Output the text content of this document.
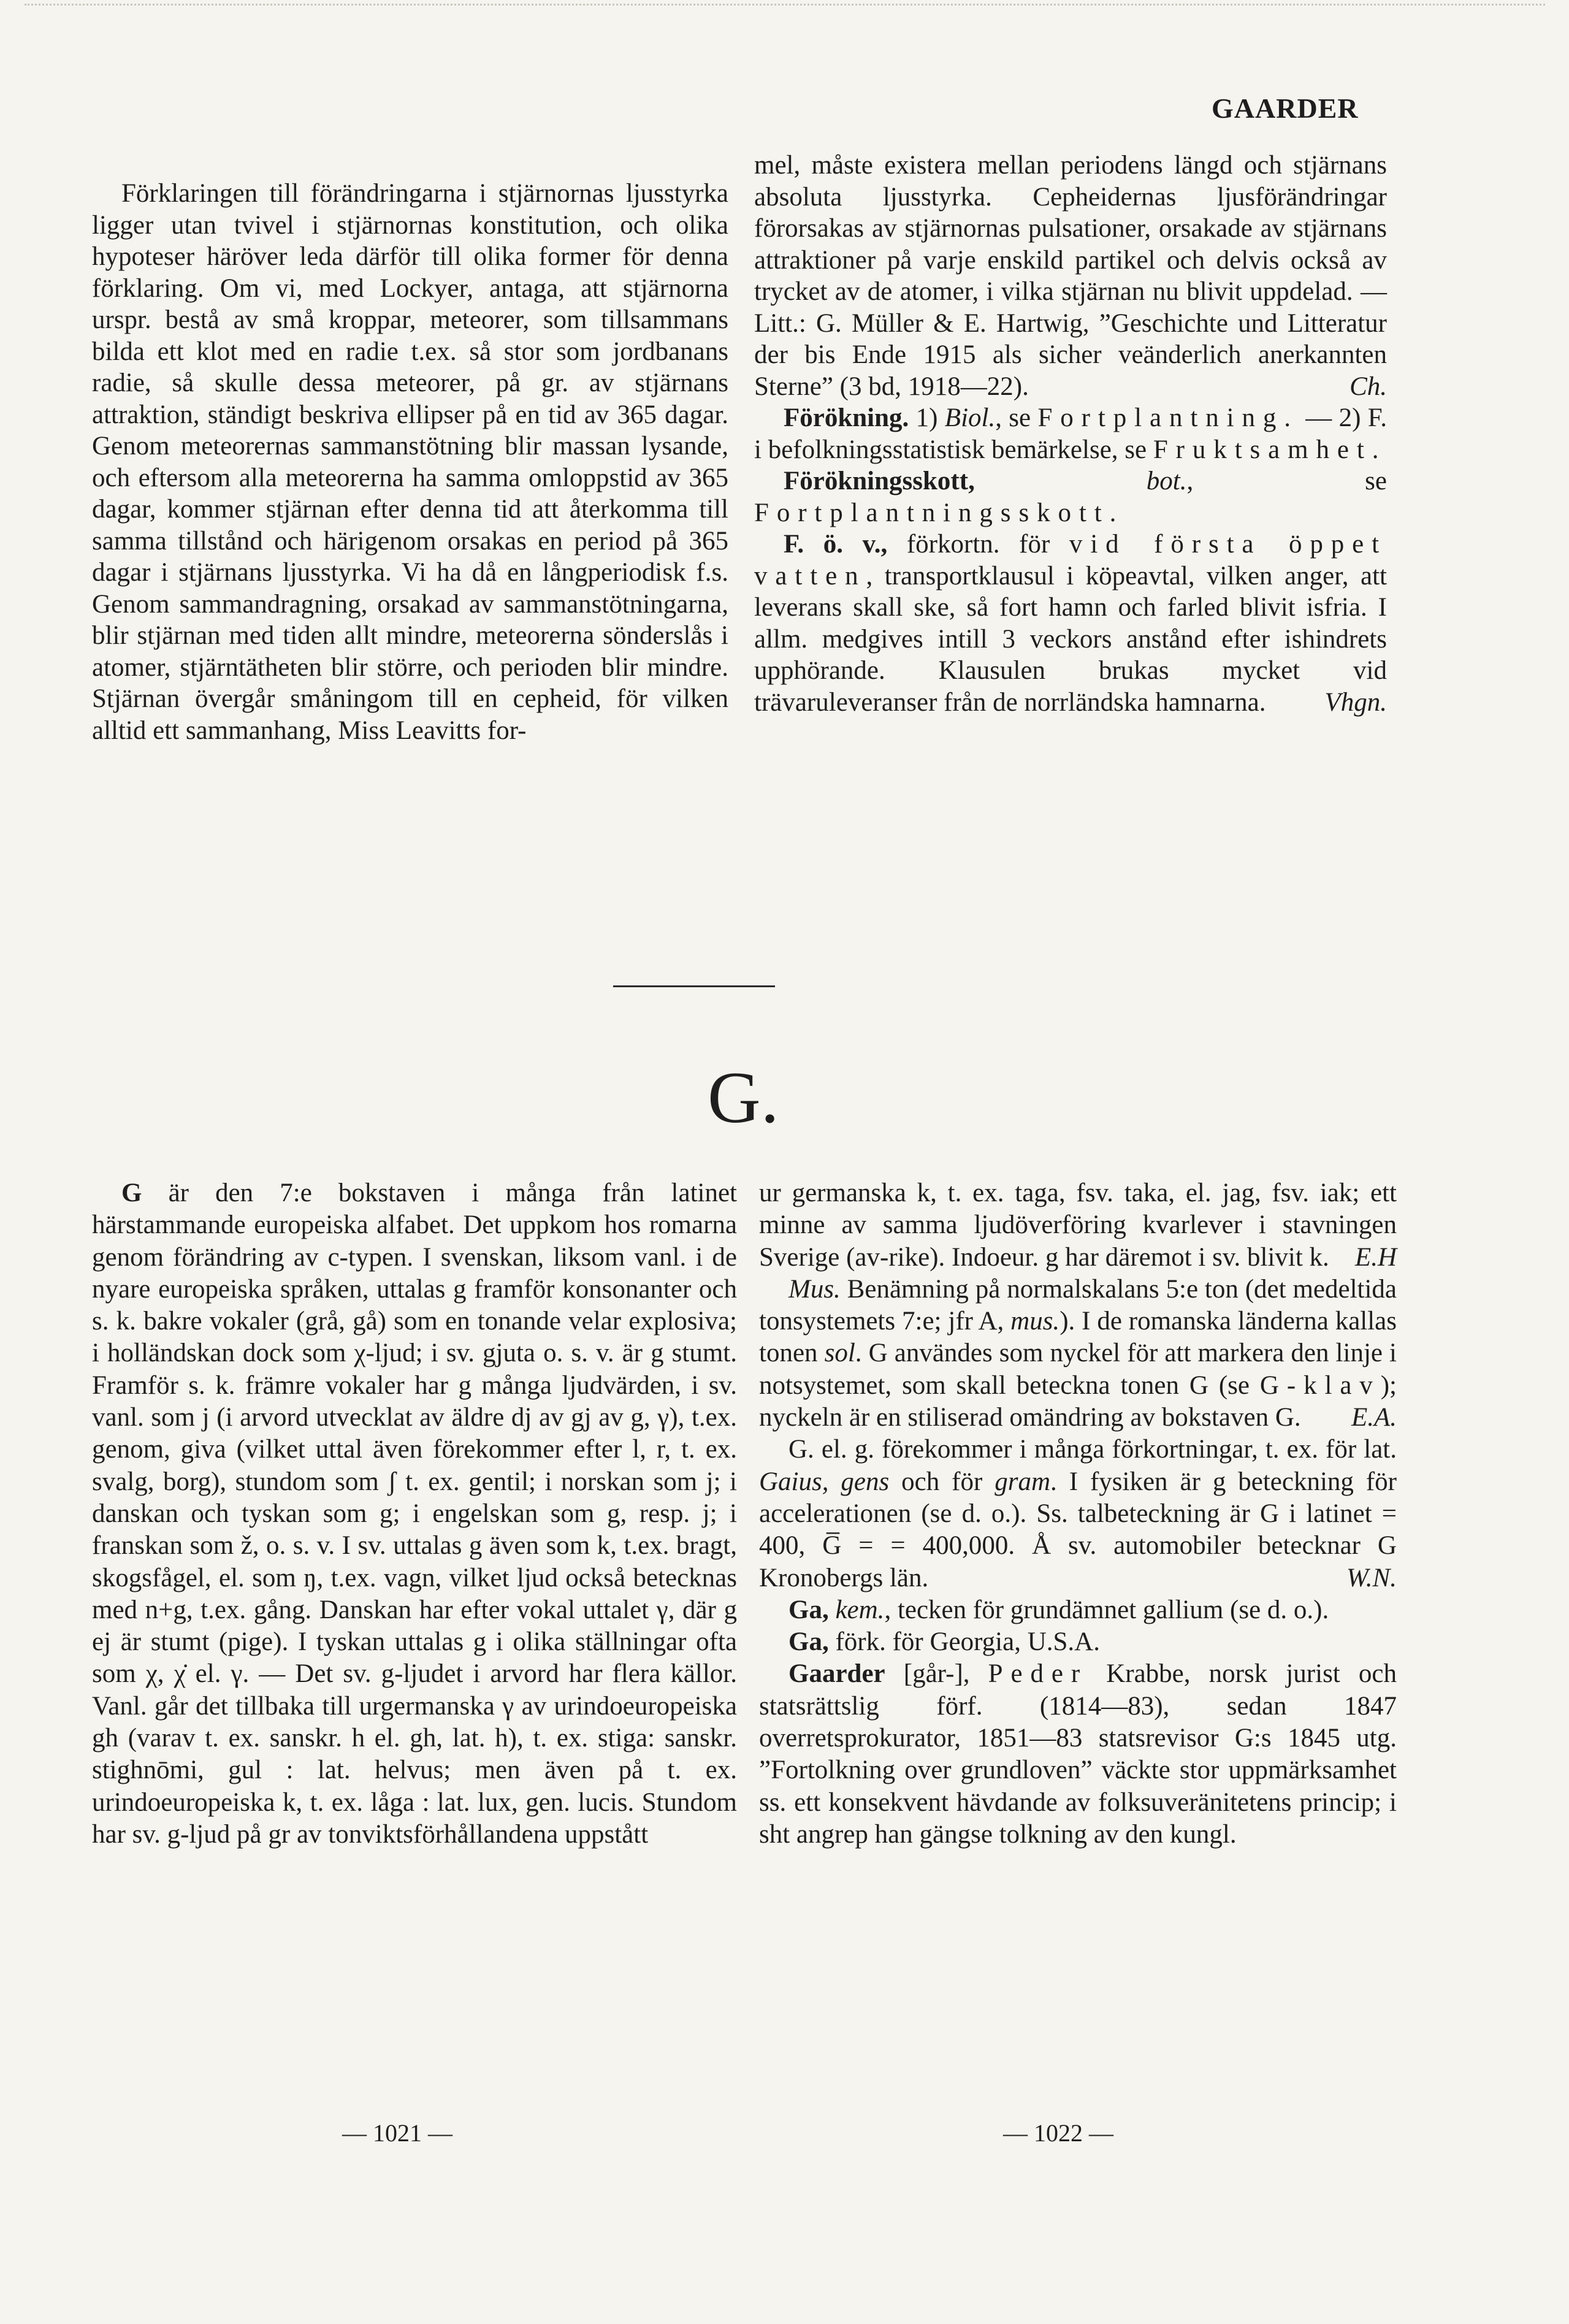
GAARDER

Förklaringen till förändringarna i stjärnornas ljusstyrka ligger utan tvivel i stjärnornas konstitution, och olika hypoteser häröver leda därför till olika former för denna förklaring. Om vi, med Lockyer, antaga, att stjärnorna urspr. bestå av små kroppar, meteorer, som tillsammans bilda ett klot med en radie t.ex. så stor som jordbanans radie, så skulle dessa meteorer, på gr. av stjärnans attraktion, ständigt beskriva ellipser på en tid av 365 dagar. Genom meteorernas sammanstötning blir massan lysande, och eftersom alla meteorerna ha samma omloppstid av 365 dagar, kommer stjärnan efter denna tid att återkomma till samma tillstånd och härigenom orsakas en period på 365 dagar i stjärnans ljusstyrka. Vi ha då en långperiodisk f.s. Genom sammandragning, orsakad av sammanstötningarna, blir stjärnan med tiden allt mindre, meteorerna sönderslås i atomer, stjärntätheten blir större, och perioden blir mindre. Stjärnan övergår småningom till en cepheid, för vilken alltid ett sammanhang, Miss Leavitts for-

mel, måste existera mellan periodens längd och stjärnans absoluta ljusstyrka. Cepheidernas ljusförändringar förorsakas av stjärnornas pulsationer, orsakade av stjärnans attraktioner på varje enskild partikel och delvis också av trycket av de atomer, i vilka stjärnan nu blivit uppdelad. — Litt.: G. Müller & E. Hartwig, ”Geschichte und Litteratur der bis Ende 1915 als sicher veänderlich anerkannten Sterne” (3 bd, 1918—22).	Ch.

Förökning. 1) Biol., se Fortplantning. — 2) F. i befolkningsstatistisk bemärkelse, se Fruktsamhet.

Förökningsskott,	bot., se Fortplantningsskott.

F. ö. v., förkortn. för vid första öppet vatten, transportklausul i köpeavtal, vilken anger, att leverans skall ske, så fort hamn och farled blivit isfria. I allm. medgives intill 3 veckors anstånd efter ishindrets upphörande. Klausulen brukas mycket vid trävaruleveranser från de norrländska hamnarna.	Vhgn.

G.

G är den 7:e bokstaven i många från latinet härstammande europeiska alfabet. Det uppkom hos romarna genom förändring av c-typen. I svenskan, liksom vanl. i de nyare europeiska språken, uttalas g framför konsonanter och s. k. bakre vokaler (grå, gå) som en tonande velar explosiva; i holländskan dock som χ-ljud; i sv. gjuta o. s. v. är g stumt. Framför s. k. främre vokaler har g många ljudvärden, i sv. vanl. som j (i arvord utvecklat av äldre dj av gj av g, γ), t.ex. genom, giva (vilket uttal även förekommer efter l, r, t. ex. svalg, borg), stundom som ʃ t. ex. gentil; i norskan som j; i danskan och tyskan som g; i engelskan som g, resp. j; i franskan som ž, o. s. v. I sv. uttalas g även som k, t.ex. bragt, skogsfågel, el. som ŋ, t.ex. vagn, vilket ljud också betecknas med n+g, t.ex. gång. Danskan har efter vokal uttalet γ, där g ej är stumt (pige). I tyskan uttalas g i olika ställningar ofta som χ, χ̇ el. γ. — Det sv. g-ljudet i arvord har flera källor. Vanl. går det tillbaka till urgermanska γ av urindoeuropeiska gh (varav t. ex. sanskr. h el. gh, lat. h), t. ex. stiga: sanskr. stighnōmi, gul : lat. helvus; men även på t. ex. urindoeuropeiska k, t. ex. låga : lat. lux, gen. lucis. Stundom har sv. g-ljud på gr av tonviktsförhållandena uppstått

ur germanska k, t. ex. taga, fsv. taka, el. jag, fsv. iak; ett minne av samma ljudöverföring kvarlever i stavningen Sverige (av-rike). Indoeur. g har däremot i sv. blivit k. E.H

Mus. Benämning på normalskalans 5:e ton (det medeltida tonsystemets 7:e; jfr A, mus.). I de romanska länderna kallas tonen sol. G användes som nyckel för att markera den linje i notsystemet, som skall beteckna tonen G (se G-klav); nyckeln är en stiliserad omändring av bokstaven G.	E.A.

G. el. g. förekommer i många förkortningar, t. ex. för lat. Gaius, gens och för gram. I fysiken är g beteckning för accelerationen (se d. o.). Ss. talbeteckning är G i latinet = 400, G̅ = = 400,000. Å sv. automobiler betecknar G Kronobergs län.	W.N.

Ga, kem., tecken för grundämnet gallium (se d. o.).

Ga, förk. för Georgia, U.S.A.

Gaarder [går-], Peder Krabbe, norsk jurist och statsrättslig förf. (1814—83), sedan 1847 overretsprokurator, 1851—83 statsrevisor G:s 1845 utg. ”Fortolkning over grundloven” väckte stor uppmärksamhet ss. ett konsekvent hävdande av folksuveränitetens princip; i sht angrep han gängse tolkning av den kungl.

— 1021 —	— 1022 —
